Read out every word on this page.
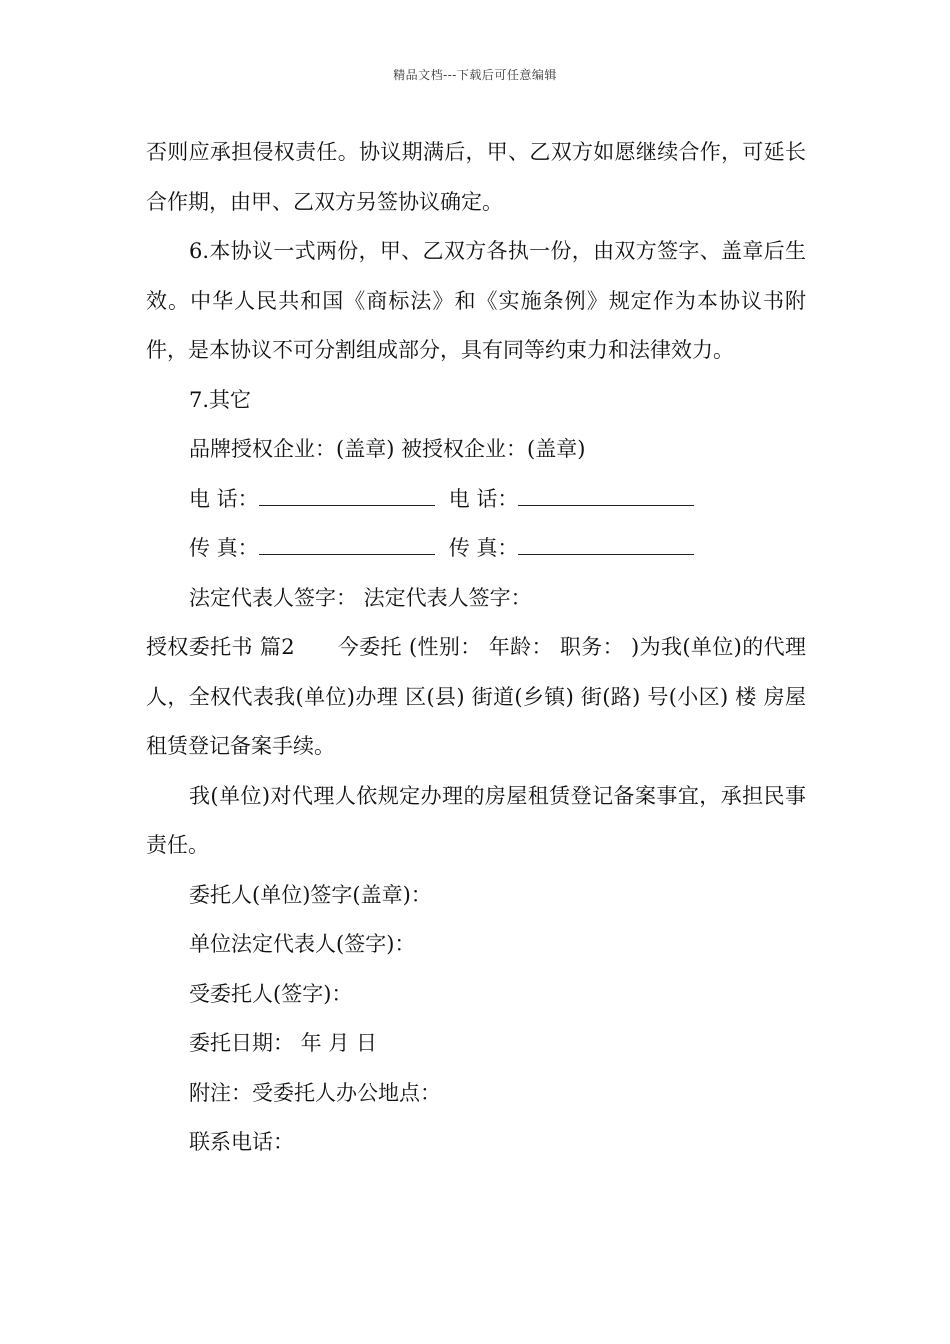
精品文档---下载后可任意编辑

否则应承担侵权责任。协议期满后，甲、乙双方如愿继续合作，可延长合作期，由甲、乙双方另签协议确定。

6.本协议一式两份，甲、乙双方各执一份，由双方签字、盖章后生效。中华人民共和国《商标法》和《实施条例》规定作为本协议书附件，是本协议不可分割组成部分，具有同等约束力和法律效力。

7.其它

品牌授权企业：(盖章) 被授权企业：(盖章)

电 话：	电 话：

传 真：	传 真：

法定代表人签字： 法定代表人签字：

授权委托书 篇2　　今委托 (性别： 年龄： 职务： )为我(单位)的代理人，全权代表我(单位)办理 区(县) 街道(乡镇) 街(路) 号(小区) 楼 房屋租赁登记备案手续。

我(单位)对代理人依规定办理的房屋租赁登记备案事宜，承担民事责任。

委托人(单位)签字(盖章)：

单位法定代表人(签字)：

受委托人(签字)：

委托日期： 年 月 日

附注：受委托人办公地点：

联系电话：
